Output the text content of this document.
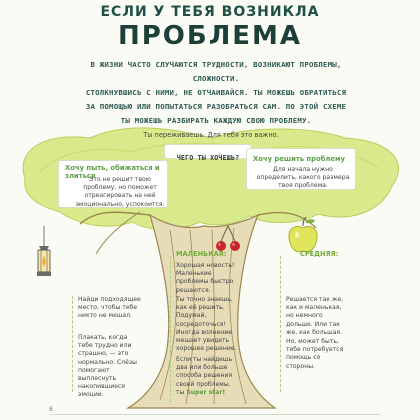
ЕСЛИ У ТЕБЯ ВОЗНИКЛА
ПРОБЛЕМА
В ЖИЗНИ ЧАСТО СЛУЧАЮТСЯ ТРУДНОСТИ, ВОЗНИКАЮТ ПРОБЛЕМЫ, СЛОЖНОСТИ.
СТОЛКНУВШИСЬ С НИМИ, НЕ ОТЧАИВАЙСЯ. ТЫ МОЖЕШЬ ОБРАТИТЬСЯ
ЗА ПОМОЩЬЮ ИЛИ ПОПЫТАТЬСЯ РАЗОБРАТЬСЯ САМ. ПО ЭТОЙ СХЕМЕ
ТЫ МОЖЕШЬ РАЗБИРАТЬ КАЖДУЮ СВОЮ ПРОБЛЕМУ.
Ты переживаешь. Для тебя это важно.
ЧЕГО ТЫ ХОЧЕШЬ?
Хочу пыть, обижаться и злиться
Это не решит твою проблему, но поможет отреагировать на неё эмоционально, успокоится.
Хочу решить проблему
Для начала нужно определить, какого размера твоя проблема.
Найди подходящее место, чтобы тебе никто не мешал.
Плакать, когда тебе трудно или страшно, — это нормально. Слёзы помогают выплеснуть накопившиеся эмоции.
МАЛЕНЬКАЯ:
Хорошая новость! Маленькие проблемы быстро решаются.
Ты точно знаешь, как её решить. Подумай, сосредоточься! Иногда волнение мешает увидеть хорошее решение.
Если ты найдешь два или больше способа решения своей проблемы, ты Super star!
СРЕДНЯЯ:
Решается так же, как и маленькая, но немного дольше. Или так же, как большая.
Но, может быть, тебе потребуется помощь со стороны.
8
